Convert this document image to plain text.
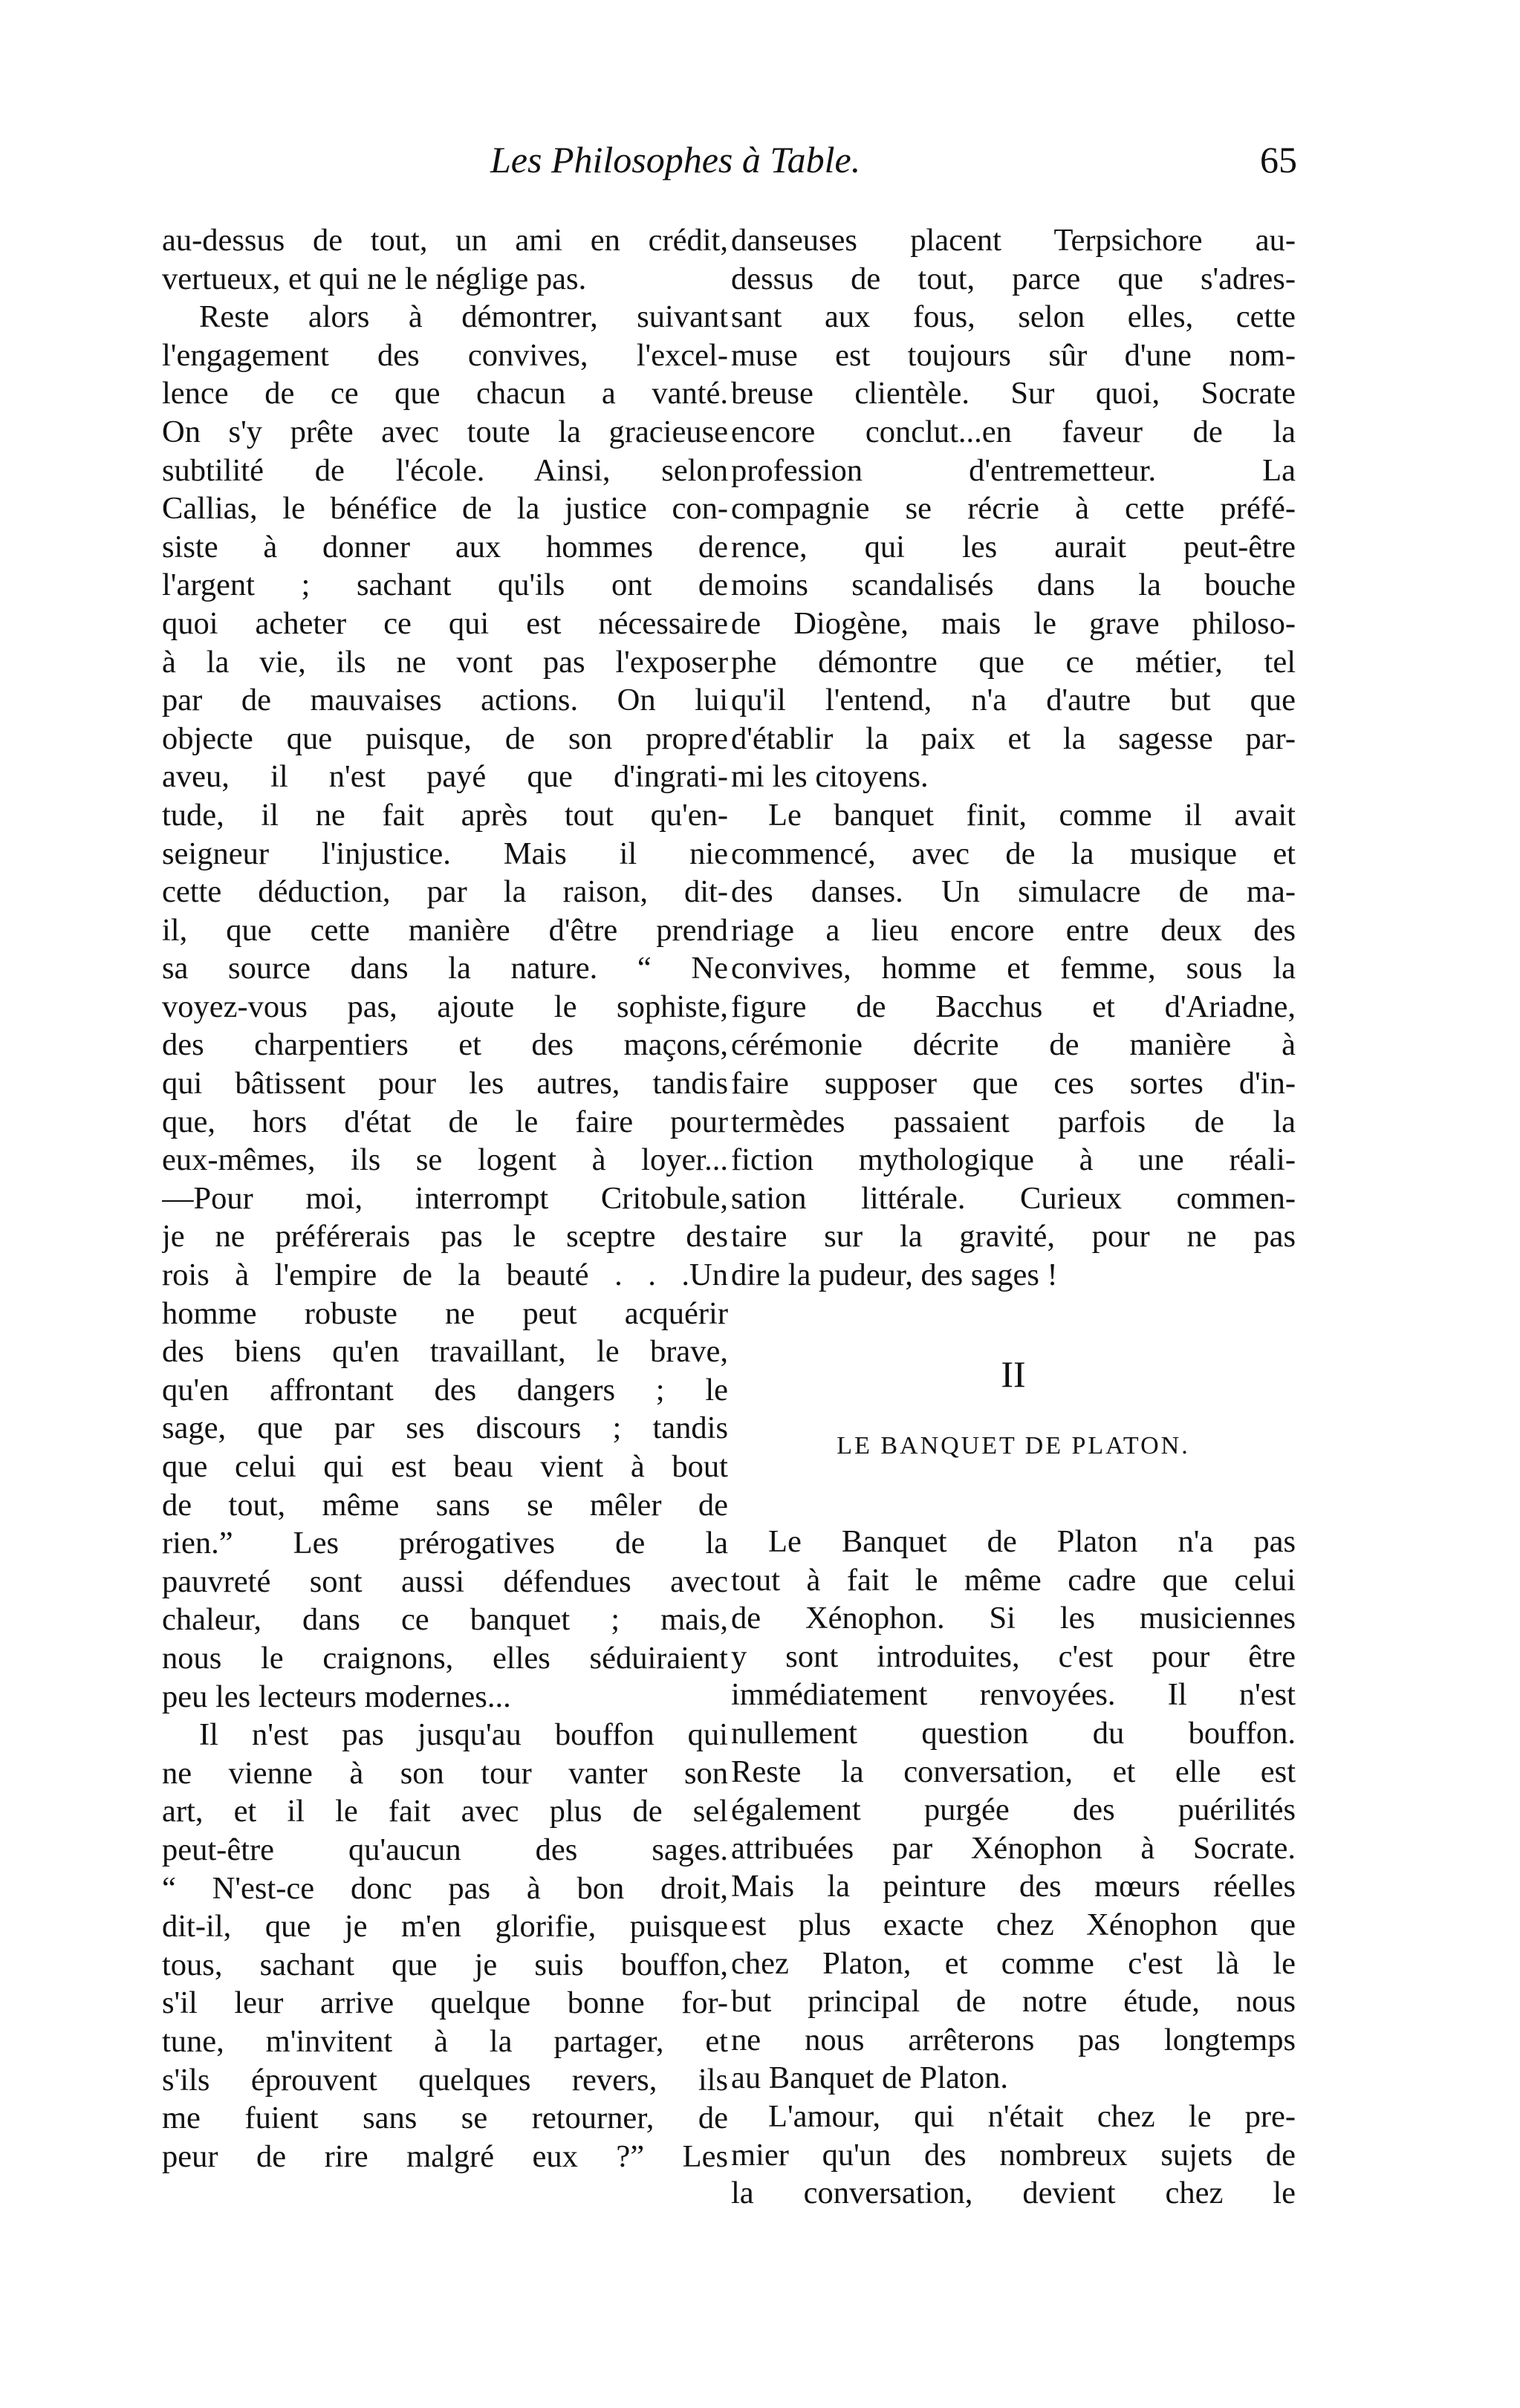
Les Philosophes à Table.	65
au-dessus de tout, un ami en crédit,
vertueux, et qui ne le néglige pas.
Reste alors à démontrer, suivant
l'engagement des convives, l'excel-
lence de ce que chacun a vanté.
On s'y prête avec toute la gracieuse
subtilité de l'école. Ainsi, selon
Callias, le bénéfice de la justice con-
siste à donner aux hommes de
l'argent ; sachant qu'ils ont de
quoi acheter ce qui est nécessaire
à la vie, ils ne vont pas l'exposer
par de mauvaises actions. On lui
objecte que puisque, de son propre
aveu, il n'est payé que d'ingrati-
tude, il ne fait après tout qu'en-
seigneur l'injustice. Mais il nie
cette déduction, par la raison, dit-
il, que cette manière d'être prend
sa source dans la nature. “ Ne
voyez-vous pas, ajoute le sophiste,
des charpentiers et des maçons,
qui bâtissent pour les autres, tandis
que, hors d'état de le faire pour
eux-mêmes, ils se logent à loyer...
—Pour moi, interrompt Critobule,
je ne préférerais pas le sceptre des
rois à l'empire de la beauté . . .Un
homme robuste ne peut acquérir
des biens qu'en travaillant, le brave,
qu'en affrontant des dangers ; le
sage, que par ses discours ; tandis
que celui qui est beau vient à bout
de tout, même sans se mêler de
rien.” Les prérogatives de la
pauvreté sont aussi défendues avec
chaleur, dans ce banquet ; mais,
nous le craignons, elles séduiraient
peu les lecteurs modernes...
Il n'est pas jusqu'au bouffon qui
ne vienne à son tour vanter son
art, et il le fait avec plus de sel
peut-être qu'aucun des sages.
“ N'est-ce donc pas à bon droit,
dit-il, que je m'en glorifie, puisque
tous, sachant que je suis bouffon,
s'il leur arrive quelque bonne for-
tune, m'invitent à la partager, et
s'ils éprouvent quelques revers, ils
me fuient sans se retourner, de
peur de rire malgré eux ?” Les
danseuses placent Terpsichore au-
dessus de tout, parce que s'adres-
sant aux fous, selon elles, cette
muse est toujours sûr d'une nom-
breuse clientèle. Sur quoi, Socrate
encore conclut...en faveur de la
profession d'entremetteur. La
compagnie se récrie à cette préfé-
rence, qui les aurait peut-être
moins scandalisés dans la bouche
de Diogène, mais le grave philoso-
phe démontre que ce métier, tel
qu'il l'entend, n'a d'autre but que
d'établir la paix et la sagesse par-
mi les citoyens.
Le banquet finit, comme il avait
commencé, avec de la musique et
des danses. Un simulacre de ma-
riage a lieu encore entre deux des
convives, homme et femme, sous la
figure de Bacchus et d'Ariadne,
cérémonie décrite de manière à
faire supposer que ces sortes d'in-
termèdes passaient parfois de la
fiction mythologique à une réali-
sation littérale. Curieux commen-
taire sur la gravité, pour ne pas
dire la pudeur, des sages !
II
LE BANQUET DE PLATON.
Le Banquet de Platon n'a pas
tout à fait le même cadre que celui
de Xénophon. Si les musiciennes
y sont introduites, c'est pour être
immédiatement renvoyées. Il n'est
nullement question du bouffon.
Reste la conversation, et elle est
également purgée des puérilités
attribuées par Xénophon à Socrate.
Mais la peinture des mœurs réelles
est plus exacte chez Xénophon que
chez Platon, et comme c'est là le
but principal de notre étude, nous
ne nous arrêterons pas longtemps
au Banquet de Platon.
L'amour, qui n'était chez le pre-
mier qu'un des nombreux sujets de
la conversation, devient chez le
